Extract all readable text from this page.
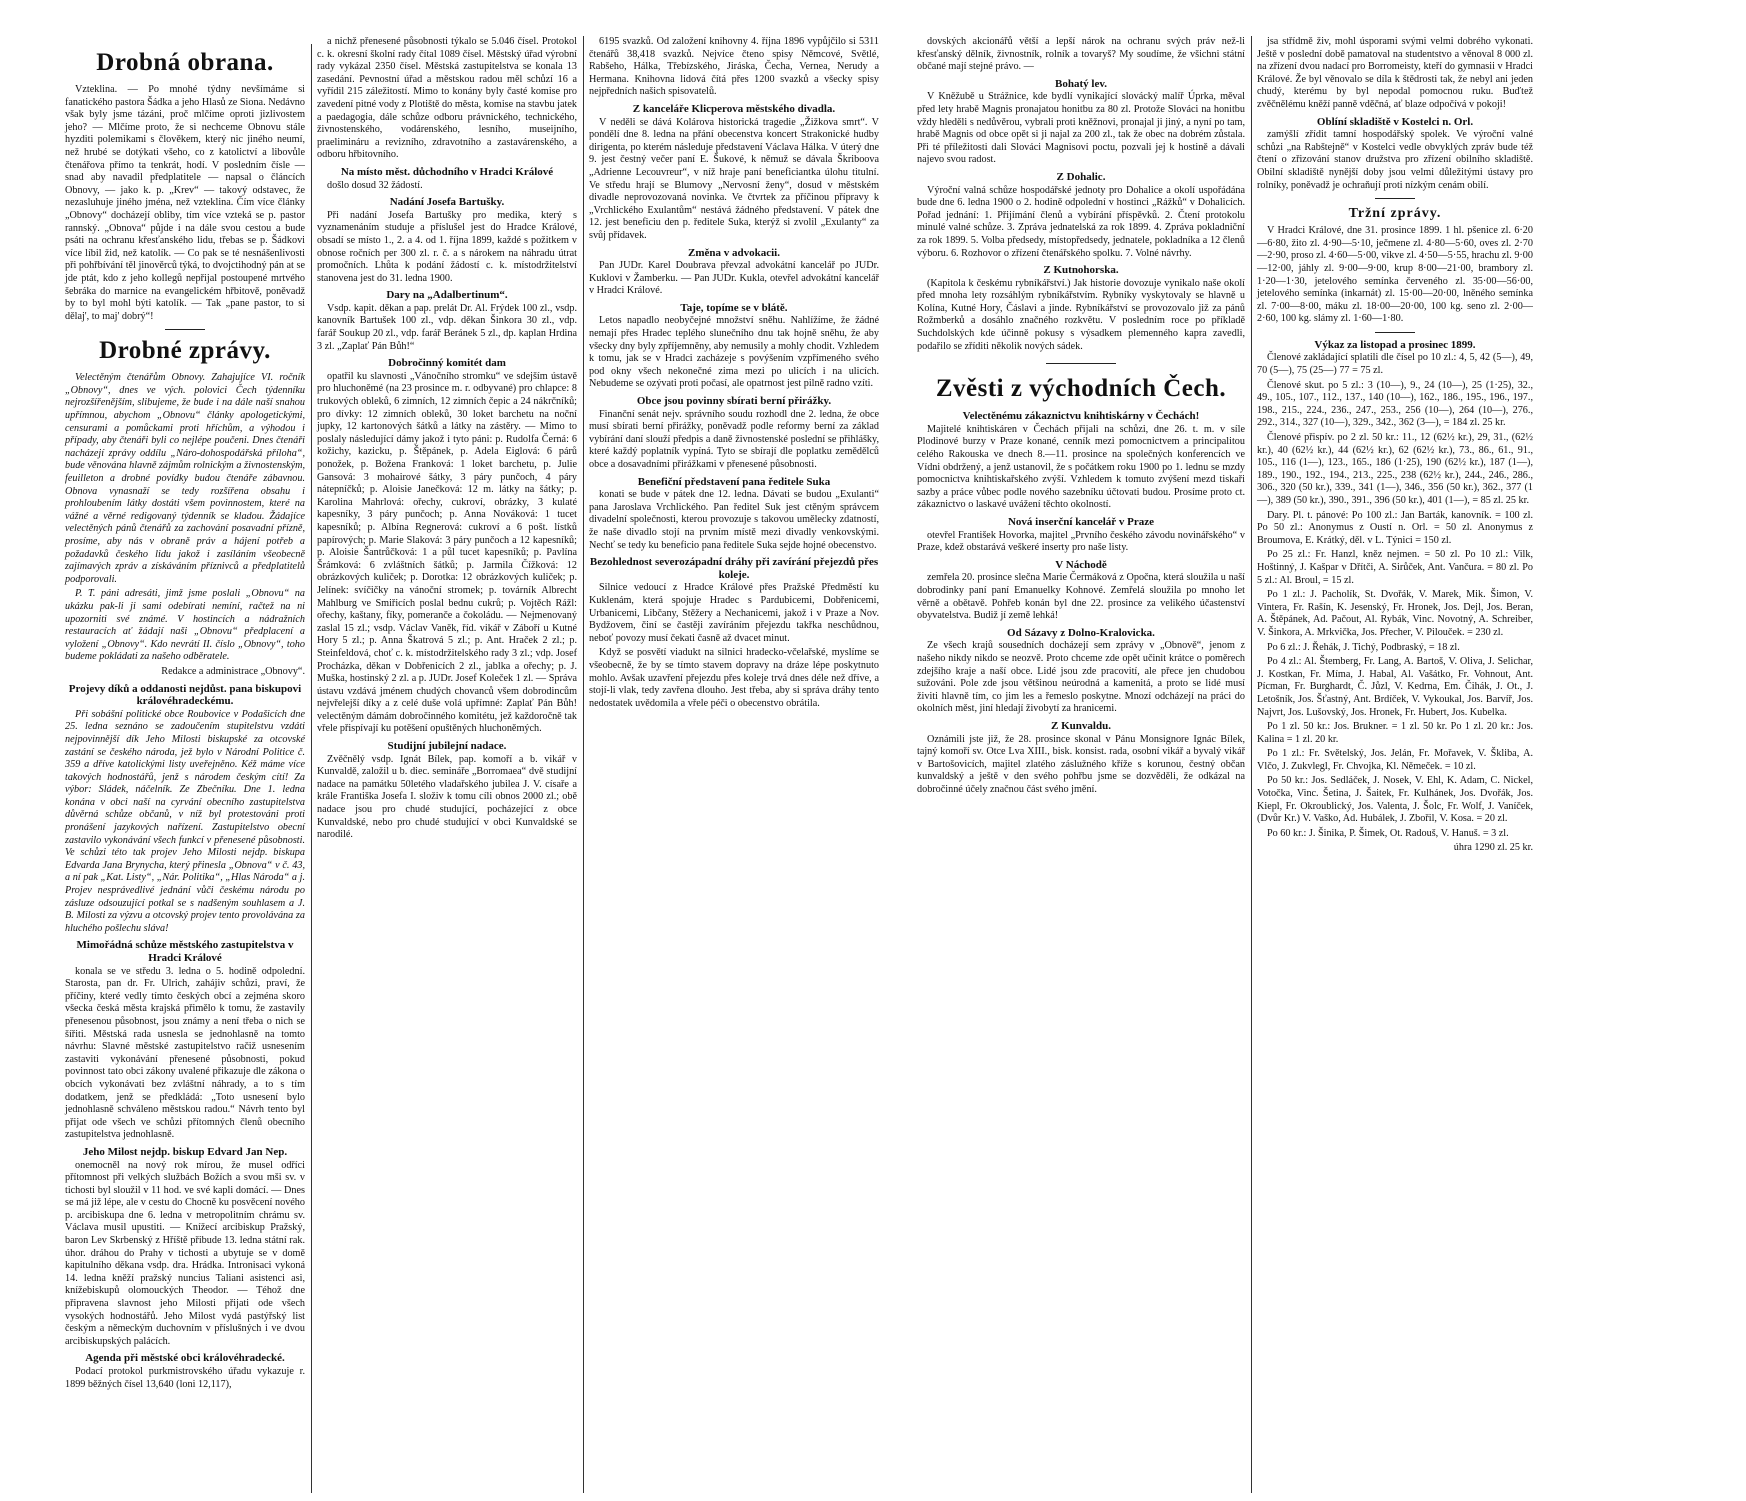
Drobná obrana.

Vzteklina. — Po mnohé týdny nevšímáme si fanatického pastora Šádka a jeho Hlasů ze Siona. Nedávno však byly jsme tázáni, proč mlčíme oproti jizlivostem jeho? — Mlčíme proto, že si nechceme Obnovu stále hyzditi polemikami s člověkem, který nic jiného neumí, než hrubé se dotýkati všeho, co z katolictví a libovůle čtenářova přímo ta tenkrát, hodí. V posledním čísle — snad aby navadil předplatitele — napsal o článcích Obnovy, — jako k. p. „Krev“ — takový odstavec, že nezasluhuje jiného jména, než vzteklina. Čím více články „Obnovy“ docházejí obliby, tím více vzteká se p. pastor rannský. „Obnova“ půjde i na dále svou cestou a bude psáti na ochranu křesťanského lidu, třebas se p. Šádkovi více líbil žid, než katolík. — Co pak se té nesnášenlivosti při pohřbívání těl jinověrců týká, to dvojctihodný pán at se jde ptát, kdo z jeho kollegů nepřijal postoupené mrtvého šebráka do marnice na evangelickém hřbitově, poněvadž by to byl mohl býti katolík. — Tak „pane pastor, to si dělaj', to maj' dobrý“!

Drobné zprávy.

Velectěným čtenářům Obnovy. Zahajujíce VI. ročník „Obnovy“, dnes ve vých. polovici Čech týdenníku nejrozšířenějším, slibujeme, že bude i na dále naší snahou upřímnou, abychom „Obnovu“ články apologetickými, censurami a pomůckami proti hříchům, a výhodou i případy, aby čtenáři byli co nejlépe poučeni. Dnes čtenáři nacházejí zprávy oddílu „Náro-dohospodářská příloha“, bude věnována hlavně zájmům rolnickým a živnostenským, feuilleton a drobné povídky budou čtenáře zábavnou. Obnova vynasnaží se tedy rozšířena obsahu i prohloubením látky dostáti všem povinnostem, které na vážné a věrné redigovaný týdenník se kladou. Žádajíce velectěných pánů čtenářů za zachování posavadní přízně, prosíme, aby nás v obraně práv a hájení potřeb a požadavků českého lidu jakož i zasíláním všeobecně zajímavých zpráv a získáváním příznivců a předplatitelů podporovali.

P. T. páni adresáti, jimž jsme poslali „Obnovu“ na ukázku pak-li ji sami odebírati nemíní, račtež na ni upozorniti své známé. V hostincích a nádražních restauracích ať žádají naši „Obnovu“ předplacení a vyložení „Obnovy“. Kdo nevrátí II. číslo „Obnovy“, toho budeme pokládati za našeho odběratele.

Redakce a administrace „Obnovy“.
Projevy díků a oddanosti nejdůst. pana biskupovi královéhradeckému.

Při sobášní politické obce Roubovice v Podašicích dne 25. ledna seznáno se zadoučením stupitelstvu vzdáti nejpovinnější dík Jeho Milosti biskupské za otcovské zastání se českého národa, jež bylo v Národní Politice č. 359 a dříve katolickými listy uveřejněno. Kéž máme více takových hodnostářů, jenž s národem českým cítí! Za výbor: Sládek, náčelník. Ze Zbečníku. Dne 1. ledna konána v obci naší na cyrvání obecního zastupitelstva důvěrná schůze občanů, v níž byl protestováni proti pronášení jazykových nařízení. Zastupitelstvo obecní zastavilo vykonávání všech funkcí v přenesené působnosti. Ve schůzi této tak projev Jeho Milosti nejdp. biskupa Edvarda Jana Brynycha, který přinesla „Obnova“ v č. 43, a ní pak „Kat. Listy“, „Nár. Politika“, „Hlas Národa“ a j. Projev nesprávedlivé jednání vůči českému národu po zásluze odsouzující potkal se s nadšeným souhlasem a J. B. Milosti za výzvu a otcovský projev tento provolávána za hluchého pošlechu sláva!

Mimořádná schůze městského zastupitelstva v Hradci Králové

konala se ve středu 3. ledna o 5. hodině odpolední. Starosta, pan dr. Fr. Ulrich, zahájiv schůzi, praví, že příčiny, které vedly tímto českých obcí a zejména skoro všecka česká města krajská přimělo k tomu, že zastavily přenesenou působnost, jsou známy a není třeba o nich se šířiti. Městská rada usnesla se jednohlasně na tomto návrhu: Slavné městské zastupitelstvo račiž usnesením zastaviti vykonávání přenesené působnosti, pokud povinnost tato obci zákony uvalené přikazuje dle zákona o obcích vykonávati bez zvláštní náhrady, a to s tím dodatkem, jenž se předkládá: „Toto usnesení bylo jednohlasně schváleno městskou radou.“ Návrh tento byl přijat ode všech ve schůzi přítomných členů obecního zastupitelstva jednohlasně.

Jeho Milost nejdp. biskup Edvard Jan Nep.

onemocněl na nový rok mírou, že musel odříci přítomnost při velkých službách Božích a svou mši sv. v tichosti byl sloužil v 11 hod. ve své kapli domácí. — Dnes se má již lépe, ale v cestu do Chocně ku posvěcení nového p. arcibiskupa dne 6. ledna v metropolitním chrámu sv. Václava musil upustiti. — Knížecí arcibiskup Pražský, baron Lev Skrbenský z Hříště přibude 13. ledna státní rak. úhor. dráhou do Prahy v tichosti a ubytuje se v domě kapitulního děkana vsdp. dra. Hrádka. Intronisaci vykoná 14. ledna kněží pražský nuncius Taliani asistenci asi, knížebiskupů olomouckých Theodor. — Téhož dne připravena slavnost jeho Milosti přijati ode všech vysokých hodnostářů. Jeho Milost vydá pastýřský list českým a německým duchovním v příslušných i ve dvou arcibiskupských palácích.

Agenda při městské obci královéhradecké.

Podací protokol purkmistrovského úřadu vykazuje r. 1899 běžných čísel 13,640 (loni 12,117),

a nichž přenesené působnosti týkalo se 5.046 čísel. Protokol c. k. okresní školní rady čítal 1089 čísel. Městský úřad výrobní rady vykázal 2350 čísel. Městská zastupitelstva se konala 13 zasedání. Pevnostní úřad a městskou radou měl schůzí 16 a vyřídil 215 záležitostí. Mimo to konány byly časté komise pro zavedení pitné vody z Plotiště do města, komise na stavbu jatek a paedagogia, dále schůze odboru právnického, technického, živnostenského, vodárenského, lesního, museijního, praelimináru a revizního, zdravotního a zastavárenského, a odboru hřbitovního.

Na místo měst. důchodního v Hradci Králové

došlo dosud 32 žádostí.

Nadání Josefa Bartušky.

Při nadání Josefa Bartušky pro medika, který s vyznamenáním studuje a příslušel jest do Hradce Králové, obsadí se místo 1., 2. a 4. od 1. října 1899, každé s požitkem v obnose ročních per 300 zl. r. č. a s nárokem na náhradu útrat promočních. Lhůta k podání žádostí c. k. místodržitelství stanovena jest do 31. ledna 1900.

Dary na „Adalbertinum“.

Vsdp. kapit. děkan a pap. prelát Dr. Al. Frýdek 100 zl., vsdp. kanovník Bartušek 100 zl., vdp. děkan Šinkora 30 zl., vdp. farář Soukup 20 zl., vdp. farář Beránek 5 zl., dp. kaplan Hrdina 3 zl. „Zaplať Pán Bůh!“

Dobročinný komitét dam

opatřil ku slavnosti „Vánočního stromku“ ve sdejším ústavě pro hluchoněmé (na 23 prosince m. r. odbyvané) pro chlapce: 8 trukových obleků, 6 zimních, 12 zimních čepic a 24 nákrčníků; pro dívky: 12 zimních obleků, 30 loket barchetu na noční jupky, 12 kartonových šátků a látky na zástěry. — Mimo to poslaly následující dámy jakož i tyto páni: p. Rudolfa Černá: 6 kožichy, kazicku, p. Štěpánek, p. Adela Eiglová: 6 párů ponožek, p. Božena Franková: 1 loket barchetu, p. Julie Gansová: 3 mohairové šátky, 3 páry punčoch, 4 páry nátepníčků; p. Aloisie Janečková: 12 m. látky na šátky; p. Karolina Mahrlová: ořechy, cukroví, obrázky, 3 kulaté kapesníky, 3 páry punčoch; p. Anna Nováková: 1 tucet kapesníků; p. Albína Regnerová: cukroví a 6 pošt. lístků papírových; p. Marie Slaková: 3 páry punčoch a 12 kapesníků; p. Aloisie Šantrůčková: 1 a půl tucet kapesníků; p. Pavlína Šrámková: 6 zvláštních šátků; p. Jarmila Čížková: 12 obrázkových kuliček; p. Dorotka: 12 obrázkových kuliček; p. Jelínek: svíčičky na vánoční stromek; p. továrník Albrecht Mahlburg ve Smiřicích poslal bednu cukrů; p. Vojtěch Rážl: ořechy, kaštany, fíky, pomeranče a čokoládu. — Nejmenovaný zaslal 15 zl.; vsdp. Václav Vaněk, říd. vikář v Záboří u Kutné Hory 5 zl.; p. Anna Škatrová 5 zl.; p. Ant. Hraček 2 zl.; p. Steinfeldová, choť c. k. místodržitelského rady 3 zl.; vdp. Josef Procházka, děkan v Dobřenicích 2 zl., jablka a ořechy; p. J. Muška, hostinský 2 zl. a p. JUDr. Josef Koleček 1 zl. — Správa ústavu vzdává jménem chudých chovanců všem dobrodincům nejvřelejší díky a z celé duše volá upřímné: Zaplať Pán Bůh! velectěným dámám dobročinného komitétu, jež každoročně tak vřele přispívají ku potěšení opuštěných hluchoněmých.

Studijní jubilejní nadace.

Zvěčnělý vsdp. Ignát Bílek, pap. komoří a b. vikář v Kunvaldě, založil u b. diec. semináře „Borromaea“ dvě studijní nadace na památku 50letého vladařského jubilea J. V. císaře a krále Františka Josefa I. složiv k tomu cíli obnos 2000 zl.; obě nadace jsou pro chudé studující, pocházející z obce Kunvaldské, nebo pro chudé studující v obci Kunvaldské se narodilé.

6195 svazků. Od založení knihovny 4. října 1896 vypůjčilo si 5311 čtenářů 38,418 svazků. Nejvíce čteno spisy Němcové, Světlé, Rabšeho, Hálka, Třebízského, Jiráska, Čecha, Vernea, Nerudy a Hermana. Knihovna lidová čítá přes 1200 svazků a všecky spisy nejpředních našich spisovatelů.

Z kanceláře Klicperova městského divadla.

V neděli se dává Kolárova historická tragedie „Žižkova smrt“. V pondělí dne 8. ledna na přání obecenstva koncert Strakonické hudby dirigenta, po kterém následuje představení Václava Hálka. V úterý dne 9. jest čestný večer paní E. Šukové, k němuž se dávala Škriboova „Adrienne Lecouvreur“, v níž hraje paní beneficiantka úlohu titulní. Ve středu hrají se Blumovy „Nervosní ženy“, dosud v městském divadle neprovozovaná novinka. Ve čtvrtek za příčinou přípravy k „Vrchlického Exulantům“ nestává žádného představení. V pátek dne 12. jest beneficiu den p. ředitele Suka, kterýž si zvolil „Exulanty“ za svůj přídavek.

Změna v advokacii.

Pan JUDr. Karel Doubrava převzal advokátní kancelář po JUDr. Kuklovi v Žamberku. — Pan JUDr. Kukla, otevřel advokátní kancelář v Hradci Králové.

Taje, topíme se v blátě.

Letos napadlo neobyčejné množství sněhu. Nahlížíme, že žádné nemají přes Hradec teplého slunečního dnu tak hojně sněhu, že aby všecky dny byly zpříjemněny, aby nemusily a mohly chodit. Vzhledem k tomu, jak se v Hradci zacházeje s povýšením vzpřímeného svého pod okny všech nekonečné zima mezi po ulicích i na ulicích. Nebudeme se ozývati proti počasí, ale opatrnost jest pilně radno vzíti.

Obce jsou povinny sbírati berní přirážky.

Finanční senát nejv. správního soudu rozhodl dne 2. ledna, že obce musí sbírati berní přirážky, poněvadž podle reformy berní za základ vybírání daní slouží předpis a daně živnostenské poslední se přihlášky, které každý poplatník vypíná. Tyto se sbírají dle poplatku zemědělců obce a dosavadními přirážkami v přenesené působnosti.

Benefiční představení pana ředitele Suka

konati se bude v pátek dne 12. ledna. Dávati se budou „Exulanti“ pana Jaroslava Vrchlického. Pan ředitel Suk jest ctěným správcem divadelní společnosti, kterou provozuje s takovou umělecky zdatností, že naše divadlo stojí na prvním místě mezi divadly venkovskými. Nechť se tedy ku beneficio pana ředitele Suka sejde hojné obecenstvo.

Bezohlednost severozápadní dráhy při zavírání přejezdů přes koleje.

Silnice vedoucí z Hradce Králové přes Pražské Předměstí ku Kuklenám, která spojuje Hradec s Pardubicemi, Dobřenicemi, Urbanicemi, Libčany, Stěžery a Nechanicemi, jakož i v Praze a Nov. Bydžovem, činí se častěji zavíráním přejezdu takřka neschůdnou, neboť povozy musí čekati časně až dvacet minut.

Když se posvětí viadukt na silnici hradecko-včelařské, myslíme se všeobecně, že by se tímto stavem dopravy na dráze lépe poskytnuto mohlo. Avšak uzavření přejezdu přes koleje trvá dnes déle než dříve, a stojí-li vlak, tedy zavřena dlouho. Jest třeba, aby si správa dráhy tento nedostatek uvědomila a vřele péči o obecenstvo obrátila.

dovských akcionářů větší a lepší nárok na ochranu svých práv než-li křesťanský dělník, živnostník, rolník a tovaryš? My soudíme, že všichni státní občané mají stejné právo. —

Bohatý lev.

V Kněžubě u Strážnice, kde bydlí vynikající slovácký malíř Úprka, měval před lety hrabě Magnis pronajatou honitbu za 80 zl. Protože Slováci na honitbu vždy hleděli s nedůvěrou, vybrali proti kněžnovi, pronajal ji jiný, a nyní po tam, hrabě Magnis od obce opět si ji najal za 200 zl., tak že obec na dobrém zůstala. Při té příležitosti dali Slováci Magnisovi poctu, pozvali jej k hostině a dávali najevo svou radost.

Z Dohalic.

Výroční valná schůze hospodářské jednoty pro Dohalice a okolí uspořádána bude dne 6. ledna 1900 o 2. hodině odpolední v hostinci „Rážků“ v Dohalicích. Pořad jednání: 1. Přijímání členů a vybírání příspěvků. 2. Čtení protokolu minulé valné schůze. 3. Zpráva jednatelská za rok 1899. 4. Zpráva pokladniční za rok 1899. 5. Volba předsedy, místopředsedy, jednatele, pokladníka a 12 členů výboru. 6. Rozhovor o zřízení čtenářského spolku. 7. Volné návrhy.

Z Kutnohorska.

(Kapitola k českému rybníkářství.) Jak historie dovozuje vynikalo naše okolí před mnoha lety rozsáhlým rybníkářstvím. Rybníky vyskytovaly se hlavně u Kolína, Kutné Hory, Čáslavi a jinde. Rybníkářství se provozovalo již za pánů Rožmberků a dosáhlo značného rozkvětu. V posledním roce po příkladě Suchdolských kde účinně pokusy s výsadkem plemenného kapra zavedli, podařilo se zříditi několik nových sádek.

Zvěsti z východních Čech.
Velectěnému zákaznictvu knihtiskárny v Čechách!

Majitelé knihtiskáren v Čechách přijali na schůzi, dne 26. t. m. v síle Plodinové burzy v Praze konané, cenník mezi pomocnictvem a principalitou celého Rakouska ve dnech 8.—11. prosince na společných konferencích ve Vídni obdržený, a jenž ustanovil, že s počátkem roku 1900 po 1. lednu se mzdy pomocnictva knihtiskařského zvýší. Vzhledem k tomuto zvýšení mezd tiskaři sazby a práce vůbec podle nového sazebníku účtovati budou. Prosíme proto ct. zákaznictvo o laskavé uvážení těchto okolností.

Nová inserční kancelář v Praze

otevřel František Hovorka, majitel „Prvního českého závodu novinářského“ v Praze, kdež obstarává veškeré inserty pro naše listy.

V Náchodě

zemřela 20. prosince slečna Marie Čermáková z Opočna, která sloužila u naší dobrodinky paní paní Emanuelky Kohnové. Zemřelá sloužila po mnoho let věrně a obětavě. Pohřeb konán byl dne 22. prosince za velikého účastenství obyvatelstva. Budiž jí země lehká!

Od Sázavy z Dolno-Kralovicka.

Ze všech krajů sousedních docházejí sem zprávy v „Obnově“, jenom z našeho nikdy nikdo se neozvě. Proto chceme zde opět učinit krátce o poměrech zdejšího kraje a naší obce. Lidé jsou zde pracovití, ale přece jen chudobou sužováni. Pole zde jsou většinou neúrodná a kamenitá, a proto se lidé musí živiti hlavně tím, co jim les a řemeslo poskytne. Mnozí odcházejí na práci do okolních měst, jiní hledají živobytí za hranicemi.

Z Kunvaldu.

Oznámili jste již, že 28. prosince skonal v Pánu Monsignore Ignác Bílek, tajný komoří sv. Otce Lva XIII., bisk. konsist. rada, osobní vikář a byvalý vikář v Bartošovicích, majitel zlatého záslužného kříže s korunou, čestný občan kunvaldský a ještě v den svého pohřbu jsme se dozvěděli, že odkázal na dobročinné účely značnou část svého jmění.

jsa střídmě živ, mohl úsporami svými velmi dobrého vykonati. Ještě v poslední době pamatoval na studentstvo a věnoval 8 000 zl. na zřízení dvou nadací pro Borromeisty, kteří do gymnasii v Hradci Králové. Že byl věnovalo se díla k štědrosti tak, že nebyl ani jeden chudý, kterému by byl nepodal pomocnou ruku. Buďtež zvěčnělému kněží panně vděčná, ať blaze odpočívá v pokoji!

Oblíní skladiště v Kostelci n. Orl.

zamýšlí zřídit tamní hospodářský spolek. Ve výroční valné schůzi „na Rabštejně“ v Kostelci vedle obvyklých zpráv bude též čtení o zřizování stanov družstva pro zřízení obilního skladiště. Obilní skladiště nynější doby jsou velmi důležitými ústavy pro rolníky, poněvadž je ochraňují proti nízkým cenám obilí.

Tržní zprávy.

V Hradci Králové, dne 31. prosince 1899. 1 hl. pšenice zl. 6·20—6·80, žito zl. 4·90—5·10, ječmene zl. 4·80—5·60, oves zl. 2·70—2·90, proso zl. 4·60—5·00, vikve zl. 4·50—5·55, hrachu zl. 9·00—12·00, jáhly zl. 9·00—9·00, krup 8·00—21·00, brambory zl. 1·20—1·30, jetelového semínka červeného zl. 35·00—56·00, jetelového semínka (inkarnát) zl. 15·00—20·00, lněného semínka zl. 7·00—8·00, máku zl. 18·00—20·00, 100 kg. seno zl. 2·00—2·60, 100 kg. slámy zl. 1·60—1·80.

Výkaz za listopad a prosinec 1899.

Členové zakládající splatili dle čísel po 10 zl.: 4, 5, 42 (5—), 49, 70 (5—), 75 (25—) 77 = 75 zl.

Členové skut. po 5 zl.: 3 (10—), 9., 24 (10—), 25 (1·25), 32., 49., 105., 107., 112., 137., 140 (10—), 162., 186., 195., 196., 197., 198., 215., 224., 236., 247., 253., 256 (10—), 264 (10—), 276., 292., 314., 327 (10—), 329., 342., 362 (3—), = 184 zl. 25 kr.

Členové přispív. po 2 zl. 50 kr.: 11., 12 (62½ kr.), 29, 31., (62½ kr.), 40 (62½ kr.), 44 (62½ kr.), 62 (62½ kr.), 73., 86., 61., 91., 105., 116 (1—), 123., 165., 186 (1·25), 190 (62½ kr.), 187 (1—), 189., 190., 192., 194., 213., 225., 238 (62½ kr.), 244., 246., 286., 306., 320 (50 kr.), 339., 341 (1—), 346., 356 (50 kr.), 362., 377 (1—), 389 (50 kr.), 390., 391., 396 (50 kr.), 401 (1—), = 85 zl. 25 kr.

Dary. Pl. t. pánové: Po 100 zl.: Jan Barták, kanovník. = 100 zl. Po 50 zl.: Anonymus z Oustí n. Orl. = 50 zl. Anonymus z Broumova, E. Krátký, děl. v L. Týnici = 150 zl.

Po 25 zl.: Fr. Hanzl, kněz nejmen. = 50 zl. Po 10 zl.: Vilk, Hoštinný, J. Kašpar v Dřítči, A. Sirůček, Ant. Vančura. = 80 zl. Po 5 zl.: Al. Broul, = 15 zl.

Po 1 zl.: J. Pacholík, St. Dvořák, V. Marek, Mik. Šimon, V. Vintera, Fr. Rašín, K. Jesenský, Fr. Hronek, Jos. Dejl, Jos. Beran, A. Štěpánek, Ad. Pačout, Al. Rybák, Vinc. Novotný, A. Schreiber, V. Šinkora, A. Mrkvička, Jos. Přecher, V. Pilouček. = 230 zl.

Po 6 zl.: J. Řehák, J. Tichý, Podbraský, = 18 zl.

Po 4 zl.: Al. Štemberg, Fr. Lang, A. Bartoš, V. Oliva, J. Selichar, J. Kostkan, Fr. Míma, J. Habal, Al. Vašátko, Fr. Vohnout, Ant. Pícman, Fr. Burghardt, Č. Jůzl, V. Kedrna, Em. Čihák, J. Ot., J. Letošník, Jos. Šťastný, Ant. Brdíček, V. Vykoukal, Jos. Barvíř, Jos. Najvrt, Jos. Lušovský, Jos. Hronek, Fr. Hubert, Jos. Kubelka.

Po 1 zl. 50 kr.: Jos. Brukner. = 1 zl. 50 kr. Po 1 zl. 20 kr.: Jos. Kalina = 1 zl. 20 kr.

Po 1 zl.: Fr. Světelský, Jos. Jelán, Fr. Mořavek, V. Škliba, A. Vlčo, J. Zukvlegl, Fr. Chvojka, Kl. Němeček. = 10 zl.

Po 50 kr.: Jos. Sedláček, J. Nosek, V. Ehl, K. Adam, C. Nickel, Votočka, Vinc. Šetina, J. Šaitek, Fr. Kulhánek, Jos. Dvořák, Jos. Kiepl, Fr. Okroublický, Jos. Valenta, J. Šolc, Fr. Wolf, J. Vaníček, (Dvůr Kr.) V. Vaško, Ad. Hubálek, J. Zbořil, V. Kosa. = 20 zl.

Po 60 kr.: J. Šinika, P. Šimek, Ot. Radouš, V. Hanuš. = 3 zl.

úhra 1290 zl. 25 kr.
